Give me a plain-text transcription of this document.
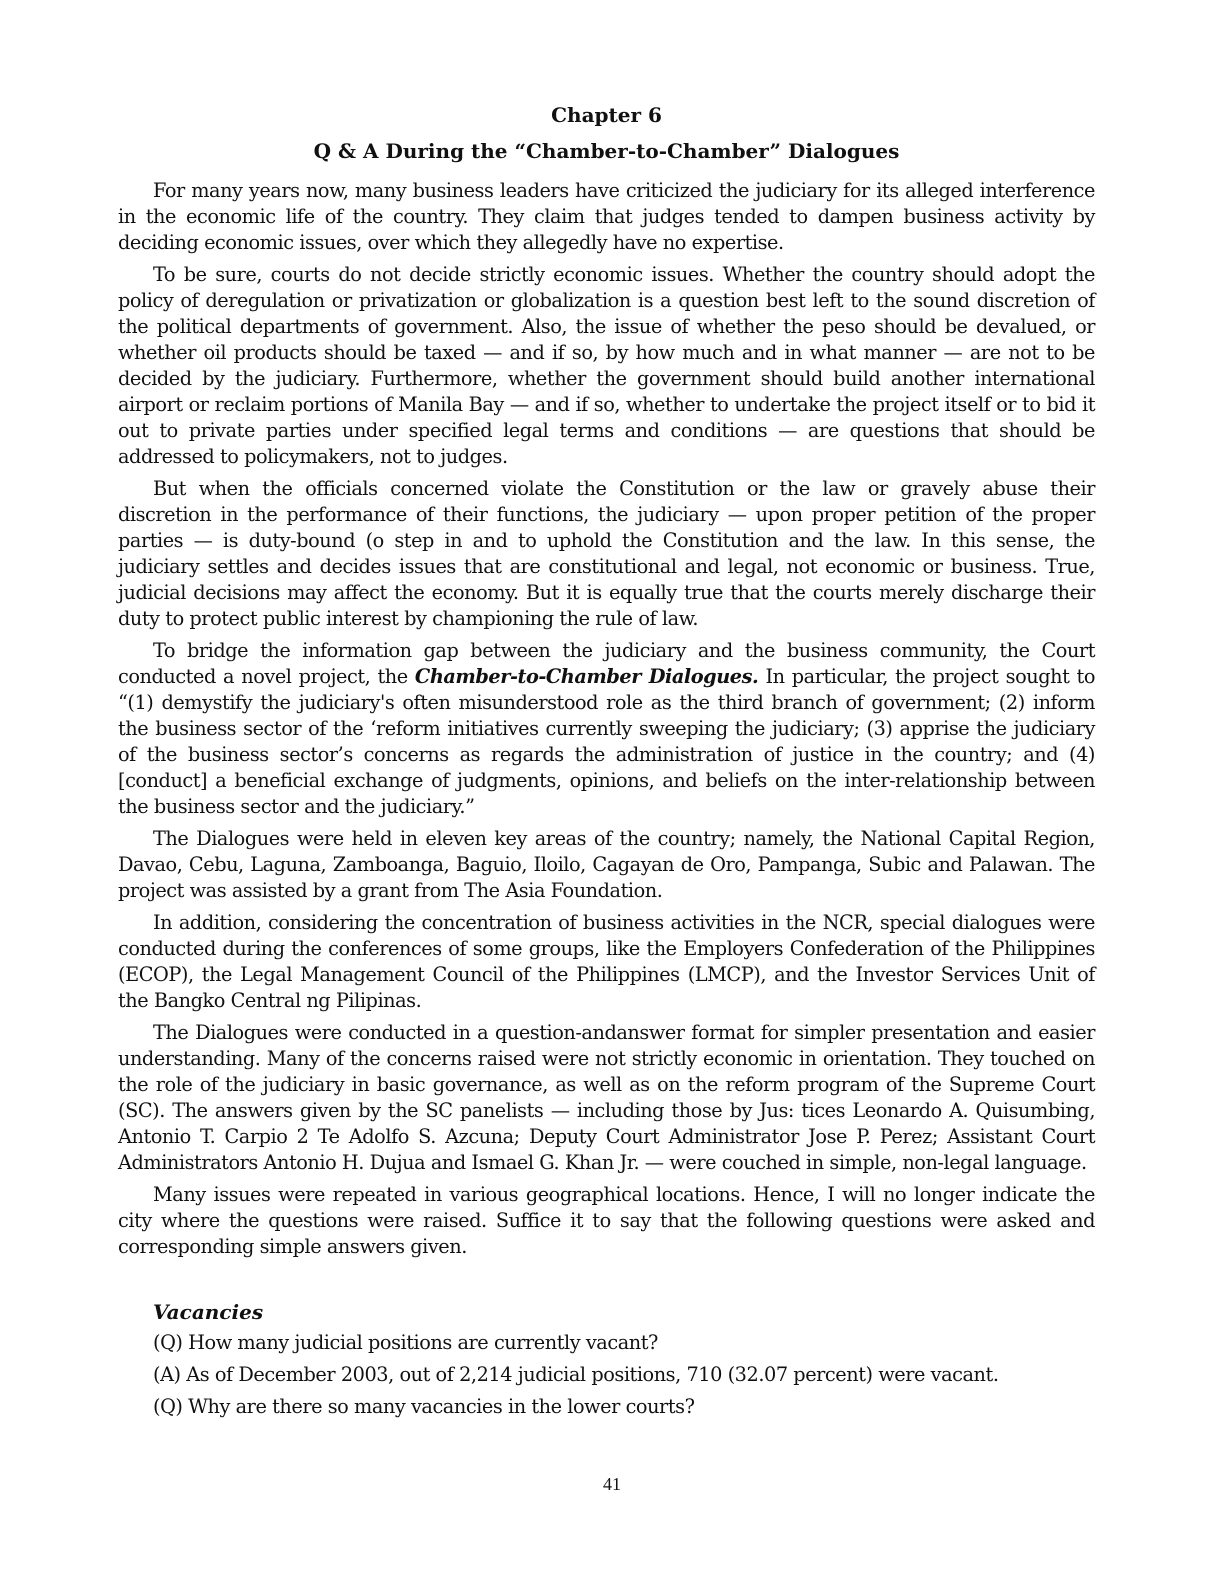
Chapter 6

Q & A During the “Chamber-to-Chamber” Dialogues

For many years now, many business leaders have criticized the judiciary for its alleged interference in the economic life of the country. They claim that judges tended to dampen business activity by deciding economic issues, over which they allegedly have no expertise.

To be sure, courts do not decide strictly economic issues. Whether the country should adopt the policy of deregulation or privatization or globalization is a question best left to the sound discretion of the political departments of government. Also, the issue of whether the peso should be devalued, or whether oil products should be taxed — and if so, by how much and in what manner — are not to be decided by the judiciary. Furthermore, whether the government should build another international airport or reclaim portions of Manila Bay — and if so, whether to undertake the project itself or to bid it out to private parties under specified legal terms and conditions — are questions that should be addressed to policymakers, not to judges.

But when the officials concerned violate the Constitution or the law or gravely abuse their discretion in the performance of their functions, the judiciary — upon proper petition of the proper parties — is duty-bound (o step in and to uphold the Constitution and the law. In this sense, the judiciary settles and decides issues that are constitutional and legal, not economic or business. True, judicial decisions may affect the economy. But it is equally true that the courts merely discharge their duty to protect public interest by championing the rule of law.

To bridge the information gap between the judiciary and the business community, the Court conducted a novel project, the Chamber-to-Chamber Dialogues. In particular, the project sought to “(1) demystify the judiciary's often misunderstood role as the third branch of government; (2) inform the business sector of the ‘reform initiatives currently sweeping the judiciary; (3) apprise the judiciary of the business sector’s concerns as regards the administration of justice in the country; and (4) [conduct] a beneficial exchange of judgments, opinions, and beliefs on the inter-relationship between the business sector and the judiciary.”

The Dialogues were held in eleven key areas of the country; namely, the National Capital Region, Davao, Cebu, Laguna, Zamboanga, Baguio, Iloilo, Cagayan de Oro, Pampanga, Subic and Palawan. The project was assisted by a grant from The Asia Foundation.

In addition, considering the concentration of business activities in the NCR, special dialogues were conducted during the conferences of some groups, like the Employers Confederation of the Philippines (ECOP), the Legal Management Council of the Philippines (LMCP), and the Investor Services Unit of the Bangko Central ng Pilipinas.

The Dialogues were conducted in a question-andanswer format for simpler presentation and easier understanding. Many of the concerns raised were not strictly economic in orientation. They touched on the role of the judiciary in basic governance, as well as on the reform program of the Supreme Court (SC). The answers given by the SC panelists — including those by Jus: tices Leonardo A. Quisumbing, Antonio T. Carpio 2 Te Adolfo S. Azcuna; Deputy Court Administrator Jose P. Perez; Assistant Court Administrators Antonio H. Dujua and Ismael G. Khan Jr. — were couched in simple, non-legal language.

Many issues were repeated in various geographical locations. Hence, I will no longer indicate the city where the questions were raised. Suffice it to say that the following questions were asked and corresponding simple answers given.

Vacancies

(Q) How many judicial positions are currently vacant?

(A) As of December 2003, out of 2,214 judicial positions, 710 (32.07 percent) were vacant.

(Q) Why are there so many vacancies in the lower courts?

41
